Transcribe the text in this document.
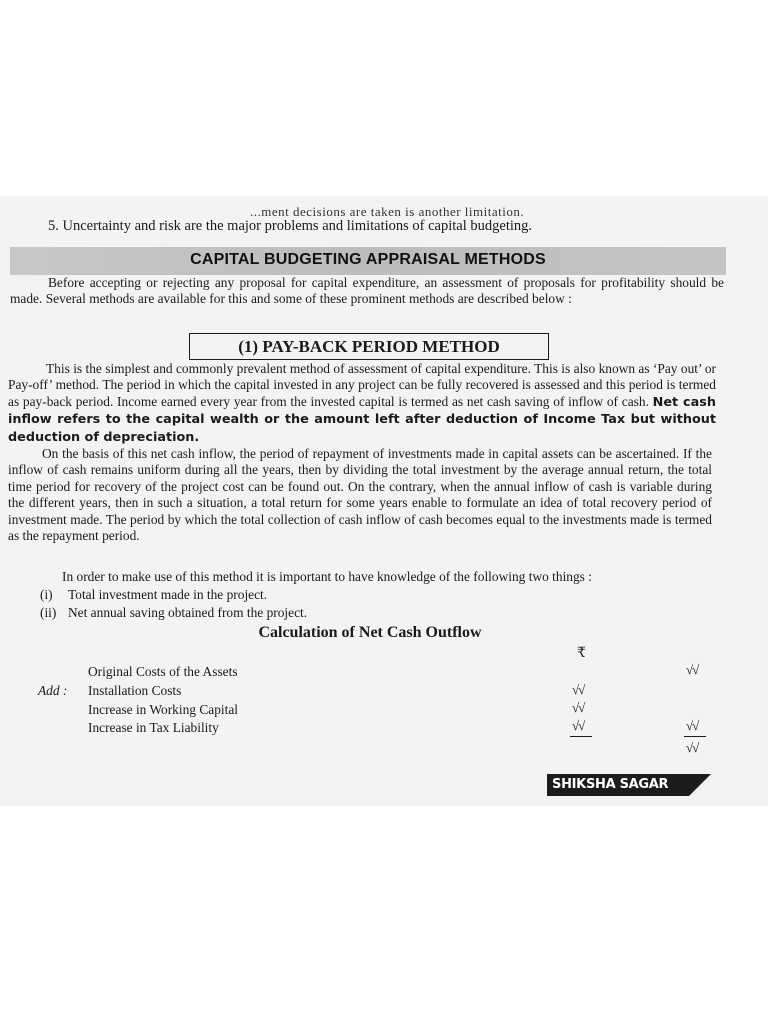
...ment decisions are taken is another limitation.
5. Uncertainty and risk are the major problems and limitations of capital budgeting.
CAPITAL BUDGETING APPRAISAL METHODS
Before accepting or rejecting any proposal for capital expenditure, an assessment of proposals for profitability should be made. Several methods are available for this and some of these prominent methods are described below :
(1) PAY-BACK PERIOD METHOD
This is the simplest and commonly prevalent method of assessment of capital expenditure. This is also known as ‘Pay out’ or Pay-off’ method. The period in which the capital invested in any project can be fully recovered is assessed and this period is termed as pay-back period. Income earned every year from the invested capital is termed as net cash saving of inflow of cash. Net cash inflow refers to the capital wealth or the amount left after deduction of Income Tax but without deduction of depreciation.
On the basis of this net cash inflow, the period of repayment of investments made in capital assets can be ascertained. If the inflow of cash remains uniform during all the years, then by dividing the total investment by the average annual return, the total time period for recovery of the project cost can be found out. On the contrary, when the annual inflow of cash is variable during the different years, then in such a situation, a total return for some years enable to formulate an idea of total recovery period of investment made. The period by which the total collection of cash inflow of cash becomes equal to the investments made is termed as the repayment period.
In order to make use of this method it is important to have knowledge of the following two things :
(i) Total investment made in the project.
(ii) Net annual saving obtained from the project.
Calculation of Net Cash Outflow
₹
Add :
Original Costs of the Assets
Installation Costs
Increase in Working Capital
Increase in Tax Liability
√√
√√
√√
√√
√√
√√
SHIKSHA SAGAR
